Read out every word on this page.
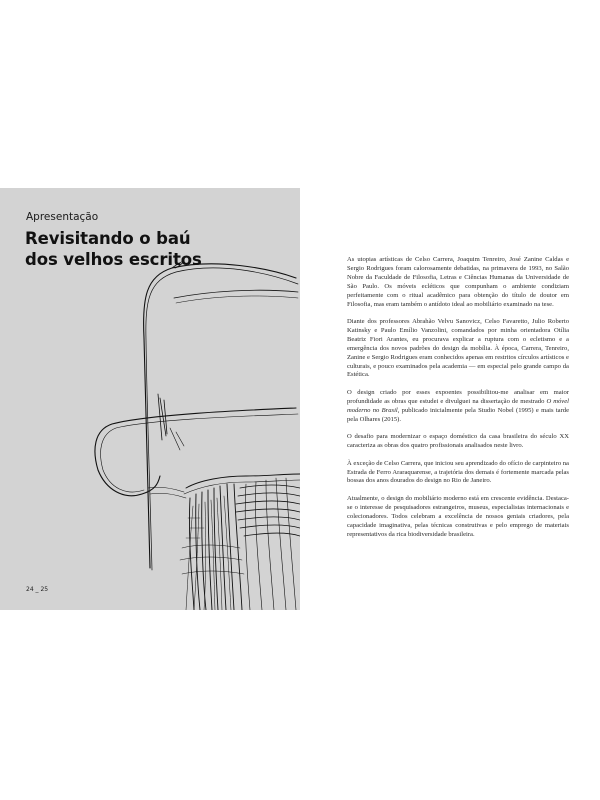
Apresentação
Revisitando o baú
dos velhos escritos
24 _ 25

As utopias artísticas de Celso Carrera, Joaquim Tenreiro, José Zanine Caldas e Sergio Rodrigues foram calorosamente debatidas, na primavera de 1993, no Salão Nobre da Faculdade de Filosofia, Letras e Ciências Humanas da Universidade de São Paulo. Os móveis ecléticos que compunham o ambiente condiziam perfeitamente com o ritual acadêmico para obtenção do título de doutor em Filosofia, mas eram também o antídoto ideal ao mobiliário examinado na tese.

Diante dos professores Abrahão Velvu Sanovicz, Celso Favaretto, Julio Roberto Katinsky e Paulo Emílio Vanzolini, comandados por minha orientadora Otília Beatriz Fiori Arantes, eu procurava explicar a ruptura com o ecletismo e a emergência dos novos padrões do design da mobília. À época, Carrera, Tenreiro, Zanine e Sergio Rodrigues eram conhecidos apenas em restritos círculos artísticos e culturais, e pouco examinados pela academia — em especial pelo grande campo da Estética.

O design criado por esses expoentes possibilitou-me analisar em maior profundidade as obras que estudei e divulguei na dissertação de mestrado O móvel moderno no Brasil, publicado inicialmente pela Studio Nobel (1995) e mais tarde pela Olhares (2015).

O desafio para modernizar o espaço doméstico da casa brasileira do século XX caracteriza as obras dos quatro profissionais analisados neste livro.

À exceção de Celso Carrera, que iniciou seu aprendizado do ofício de carpinteiro na Estrada de Ferro Araraquarense, a trajetória dos demais é fortemente marcada pelas bossas dos anos dourados do design no Rio de Janeiro.

Atualmente, o design do mobiliário moderno está em crescente evidência. Destaca-se o interesse de pesquisadores estrangeiros, museus, especialistas internacionais e colecionadores. Todos celebram a excelência de nossos geniais criadores, pela capacidade imaginativa, pelas técnicas construtivas e pelo emprego de materiais representativos da rica biodiversidade brasileira.
